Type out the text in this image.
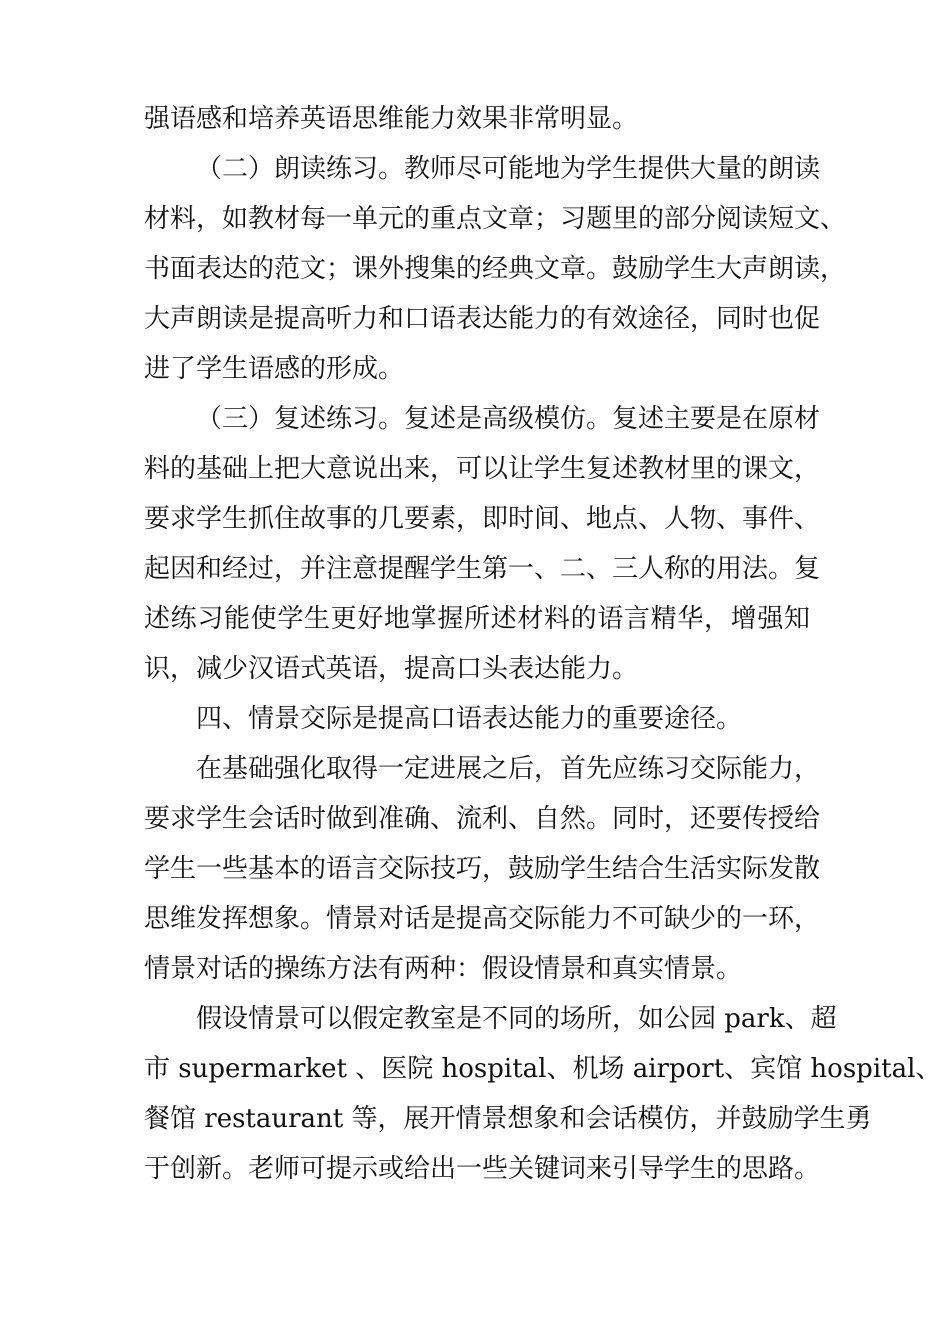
强语感和培养英语思维能力效果非常明显。
（二）朗读练习。教师尽可能地为学生提供大量的朗读
材料，如教材每一单元的重点文章；习题里的部分阅读短文、
书面表达的范文；课外搜集的经典文章。鼓励学生大声朗读，
大声朗读是提高听力和口语表达能力的有效途径，同时也促
进了学生语感的形成。
（三）复述练习。复述是高级模仿。复述主要是在原材
料的基础上把大意说出来，可以让学生复述教材里的课文，
要求学生抓住故事的几要素，即时间、地点、人物、事件、
起因和经过，并注意提醒学生第一、二、三人称的用法。复
述练习能使学生更好地掌握所述材料的语言精华，增强知
识，减少汉语式英语，提高口头表达能力。
四、情景交际是提高口语表达能力的重要途径。
在基础强化取得一定进展之后，首先应练习交际能力，
要求学生会话时做到准确、流利、自然。同时，还要传授给
学生一些基本的语言交际技巧，鼓励学生结合生活实际发散
思维发挥想象。情景对话是提高交际能力不可缺少的一环，
情景对话的操练方法有两种：假设情景和真实情景。
假设情景可以假定教室是不同的场所，如公园 park、超
市 supermarket 、医院 hospital、机场 airport、宾馆 hospital、
餐馆 restaurant 等，展开情景想象和会话模仿，并鼓励学生勇
于创新。老师可提示或给出一些关键词来引导学生的思路。
